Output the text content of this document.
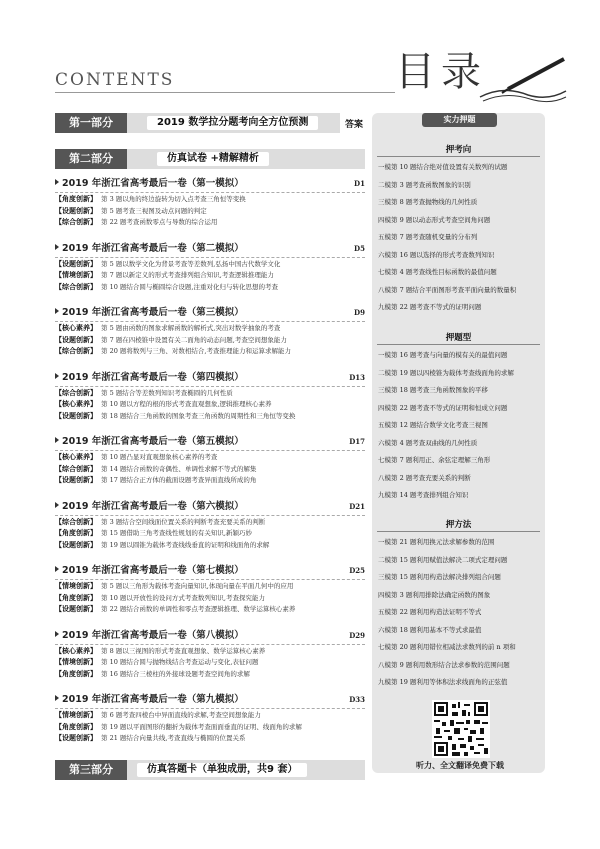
CONTENTS	目录
第一部分	2019 数学拉分题考向全方位预测	答案
第二部分	仿真试卷 +精解精析
2019 年浙江省高考最后一卷（第一模拟）	D1
【角度创新】 第 3 题以角的终边旋转为切入点考查三角恒等变换
【设题创新】 第 5 题考查三视图及动点问题的判定
【综合创新】 第 22 题考查函数零点与导数的综合运用
2019 年浙江省高考最后一卷（第二模拟）	D5
【设题创新】 第 5 题以数学文化为背景考查等差数列,弘扬中国古代数学文化
【情境创新】 第 7 题以新定义的形式考查排列组合知识,考查逻辑推理能力
【综合创新】 第 10 题结合圆与椭圆综合设题,注重对化归与转化思想的考查
2019 年浙江省高考最后一卷（第三模拟）	D9
【核心素养】 第 5 题由函数的图象求解函数的解析式,突出对数学抽象的考查
【设题创新】 第 7 题在四棱锥中设置有关二面角的动态问题,考查空间想象能力
【综合创新】 第 20 题将数列与三角、对数相结合,考查推理能力和运算求解能力
2019 年浙江省高考最后一卷（第四模拟）	D13
【综合创新】 第 5 题结合等差数列知识考查椭圆的几何性质
【核心素养】 第 10 题以方程的根的形式考查直观想象,逻辑推理核心素养
【设题创新】 第 18 题结合三角函数的图象考查三角函数的周期性和三角恒等变换
2019 年浙江省高考最后一卷（第五模拟）	D17
【核心素养】 第 10 题凸显对直观想象核心素养的考查
【综合创新】 第 14 题结合函数的奇偶性、单调性求解不等式的解集
【设题创新】 第 17 题结合正方体的截面设题考查异面直线所成的角
2019 年浙江省高考最后一卷（第六模拟）	D21
【综合创新】 第 3 题结合空间线面位置关系的判断考查充要关系的判断
【角度创新】 第 15 题借助三角考查线性规划的有关知识,新颖巧妙
【设题创新】 第 19 题以圆锥为载体考查线线垂直的证明和线面角的求解
2019 年浙江省高考最后一卷（第七模拟）	D25
【情境创新】 第 5 题以三角形为载体考查向量知识,体现向量在平面几何中的应用
【角度创新】 第 10 题以开放性的设问方式考查数列知识,考查探究能力
【设题创新】 第 22 题结合函数的单调性和零点考查逻辑推理、数学运算核心素养
2019 年浙江省高考最后一卷（第八模拟）	D29
【核心素养】 第 8 题以三视图的形式考查直观想象、数学运算核心素养
【情境创新】 第 10 题结合圆与抛物线结合考查运动与变化,表征问题
【角度创新】 第 16 题结合三棱柱的外接球设题考查空间角的求解
2019 年浙江省高考最后一卷（第九模拟）	D33
【情境创新】 第 6 题考查四棱台中异面直线的求解,考查空间想象能力
【角度创新】 第 19 题以平面图形的翻折为载体考查面面垂直的证明、线面角的求解
【设题创新】 第 21 题结合向量共线,考查直线与椭圆的位置关系
第三部分	仿真答题卡（单独成册，共9 套）
实力押题
押考向
一模第 10 题结合绝对值设置有关数列的试题
二模第 3 题考查函数图象的识别
三模第 8 题考查抛物线的几何性质
四模第 9 题以动态形式考查空间角问题
五模第 7 题考查随机变量的分布列
六模第 16 题以选择的形式考查数列知识
七模第 4 题考查线性目标函数的最值问题
八模第 7 题结合平面图形考查平面向量的数量积
九模第 22 题考查不等式的证明问题
押题型
一模第 16 题考查与向量的模有关的最值问题
二模第 19 题以四棱锥为载体考查线面角的求解
三模第 18 题考查三角函数图象的平移
四模第 22 题考查不等式的证明和恒成立问题
五模第 12 题结合数学文化考查三视图
六模第 4 题考查双曲线的几何性质
七模第 7 题利用正、余弦定理解三角形
八模第 2 题考查充要关系的判断
九模第 14 题考查排列组合知识
押方法
一模第 21 题利用换元法求解参数的范围
二模第 15 题利用赋值法解决二项式定理问题
三模第 15 题利用构造法解决排列组合问题
四模第 3 题利用排除法确定函数的图象
五模第 22 题利用构造法证明不等式
六模第 18 题利用基本不等式求最值
七模第 20 题利用错位相减法求数列的前 n 项和
八模第 9 题利用数形结合法求参数的范围问题
九模第 19 题利用等体积法求线面角的正弦值
听力、全文翻译免费下载
